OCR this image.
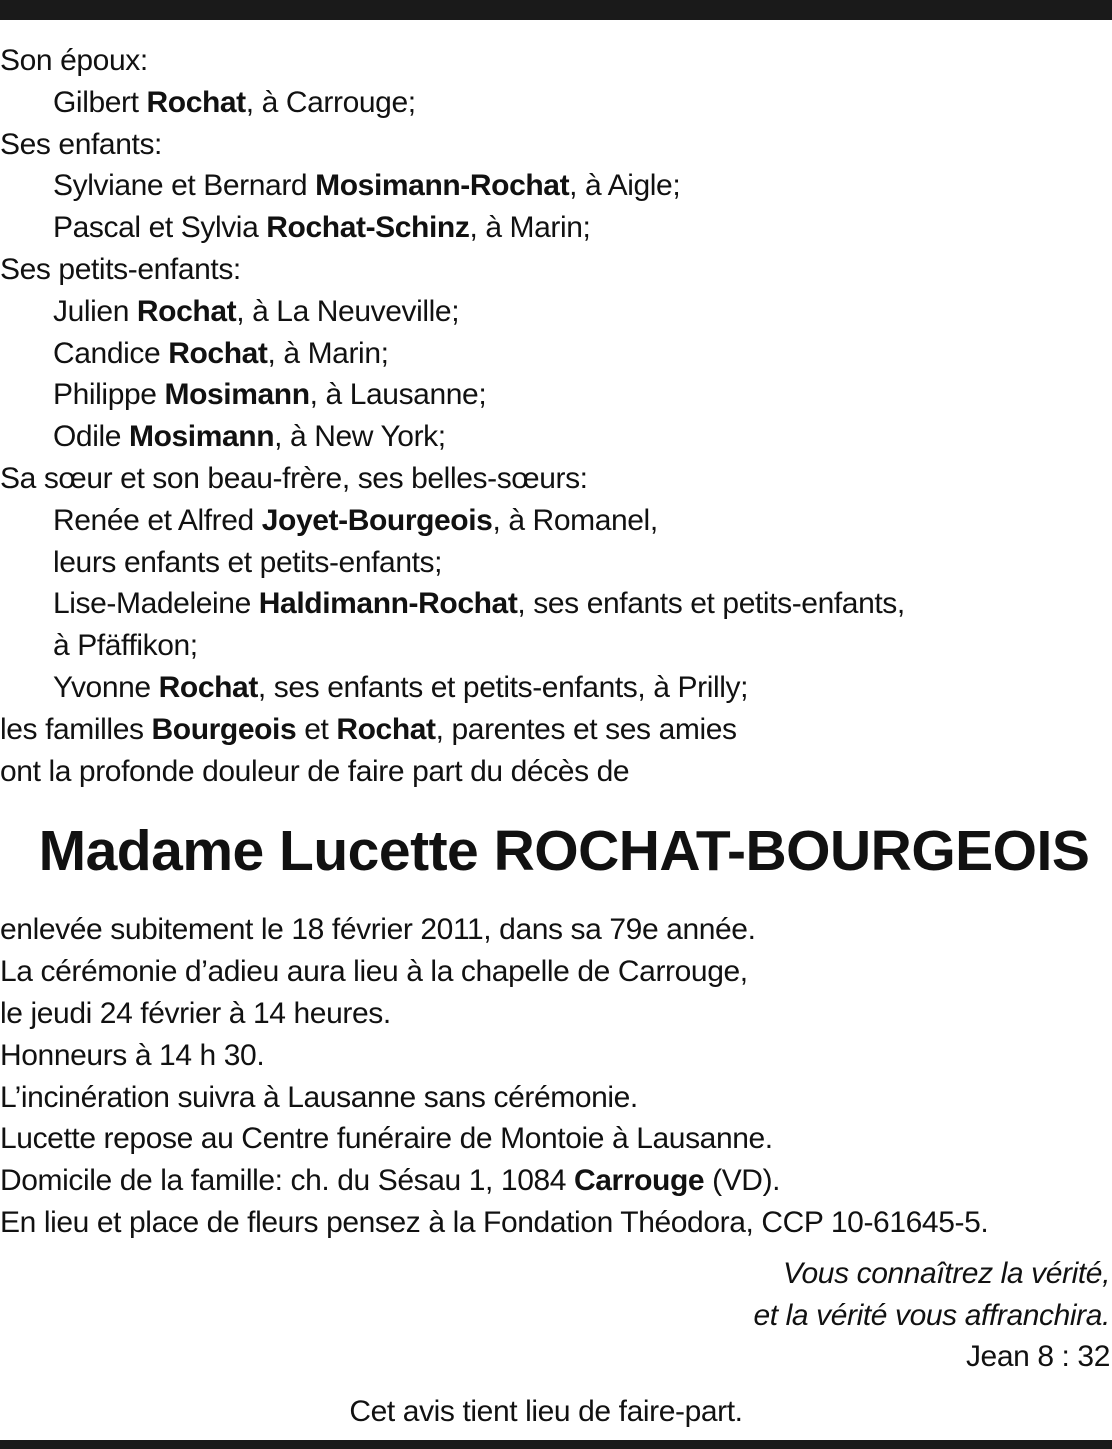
Son époux:
Gilbert Rochat, à Carrouge;
Ses enfants:
Sylviane et Bernard Mosimann-Rochat, à Aigle;
Pascal et Sylvia Rochat-Schinz, à Marin;
Ses petits-enfants:
Julien Rochat, à La Neuveville;
Candice Rochat, à Marin;
Philippe Mosimann, à Lausanne;
Odile Mosimann, à New York;
Sa sœur et son beau-frère, ses belles-sœurs:
Renée et Alfred Joyet-Bourgeois, à Romanel,
leurs enfants et petits-enfants;
Lise-Madeleine Haldimann-Rochat, ses enfants et petits-enfants,
à Pfäffikon;
Yvonne Rochat, ses enfants et petits-enfants, à Prilly;
les familles Bourgeois et Rochat, parentes et ses amies
ont la profonde douleur de faire part du décès de
Madame Lucette ROCHAT-BOURGEOIS
enlevée subitement le 18 février 2011, dans sa 79e année.
La cérémonie d’adieu aura lieu à la chapelle de Carrouge,
le jeudi 24 février à 14 heures.
Honneurs à 14 h 30.
L’incinération suivra à Lausanne sans cérémonie.
Lucette repose au Centre funéraire de Montoie à Lausanne.
Domicile de la famille: ch. du Sésau 1, 1084 Carrouge (VD).
En lieu et place de fleurs pensez à la Fondation Théodora, CCP 10-61645-5.
Vous connaîtrez la vérité,
et la vérité vous affranchira.
Jean 8 : 32
Cet avis tient lieu de faire-part.
